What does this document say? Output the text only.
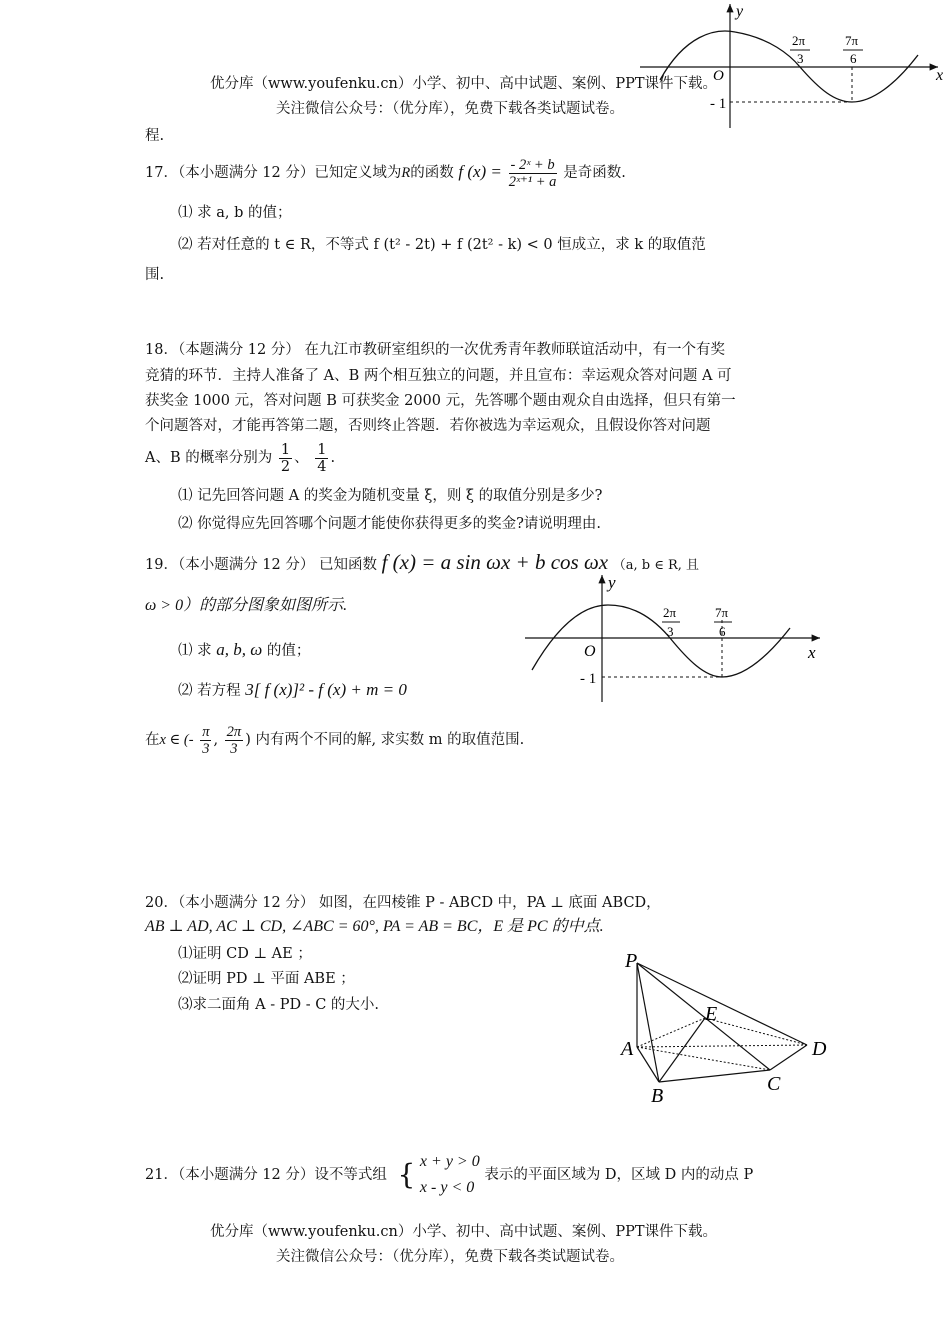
y
x
O
- 1
2π
3
7π
6
优分库（www.youfenku.cn）小学、初中、高中试题、案例、PPT课件下载。
关注微信公众号：（优分库），免费下载各类试题试卷。
程.
17．（本小题满分 12 分）已知定义域为R的函数 f $(x) = \frac{\text{- 2ˣ + b}}{\text{2ˣ⁺¹ + a}}$ 是奇函数.
⑴ 求 a, b 的值；
⑵ 若对任意的 t ∈ R，不等式 f (t² - 2t) + f (2t² - k) < 0 恒成立，求 k 的取值范
围.
18．（本题满分 12 分） 在九江市教研室组织的一次优秀青年教师联谊活动中，有一个有奖
竞猜的环节．主持人准备了 A、B 两个相互独立的问题，并且宣布：幸运观众答对问题 A 可
获奖金 1000 元，答对问题 B 可获奖金 2000 元，先答哪个题由观众自由选择，但只有第一
个问题答对，才能再答第二题，否则终止答题．若你被选为幸运观众，且假设你答对问题
A、B 的概率分别为 $\frac{1}{2}$ 、 $\frac{1}{4}$ .
⑴ 记先回答问题 A 的奖金为随机变量 ξ，则 ξ 的取值分别是多少?
⑵ 你觉得应先回答哪个问题才能使你获得更多的奖金?请说明理由.
19．（本小题满分 12 分） 已知函数 f (x) = a sin ωx + b cos ωx （a, b ∈ R, 且
ω > 0）的部分图象如图所示.
⑴ 求 a, b, ω 的值；
⑵ 若方程 3[ f (x)]² - f (x) + m = 0
在x ∈ (- $\frac{\pi}{3}$ , $\frac{2\pi}{3}$ ) 内有两个不同的解, 求实数 m 的取值范围.
y
x
O
- 1
2π
3
7π
6
20．（本小题满分 12 分） 如图，在四棱锥 P - ABCD 中，PA ⊥ 底面 ABCD，
AB ⊥ AD, AC ⊥ CD, ∠ABC = 60°, PA = AB = BC，E 是 PC 的中点.
⑴证明 CD ⊥ AE ；
⑵证明 PD ⊥ 平面 ABE ；
⑶求二面角 A - PD - C 的大小.
P
A
B
C
D
E
21．（本小题满分 12 分）设不等式组 { x + y > 0
x - y < 0
表示的平面区域为 D，区域 D 内的动点 P
优分库（www.youfenku.cn）小学、初中、高中试题、案例、PPT课件下载。
关注微信公众号：（优分库），免费下载各类试题试卷。
